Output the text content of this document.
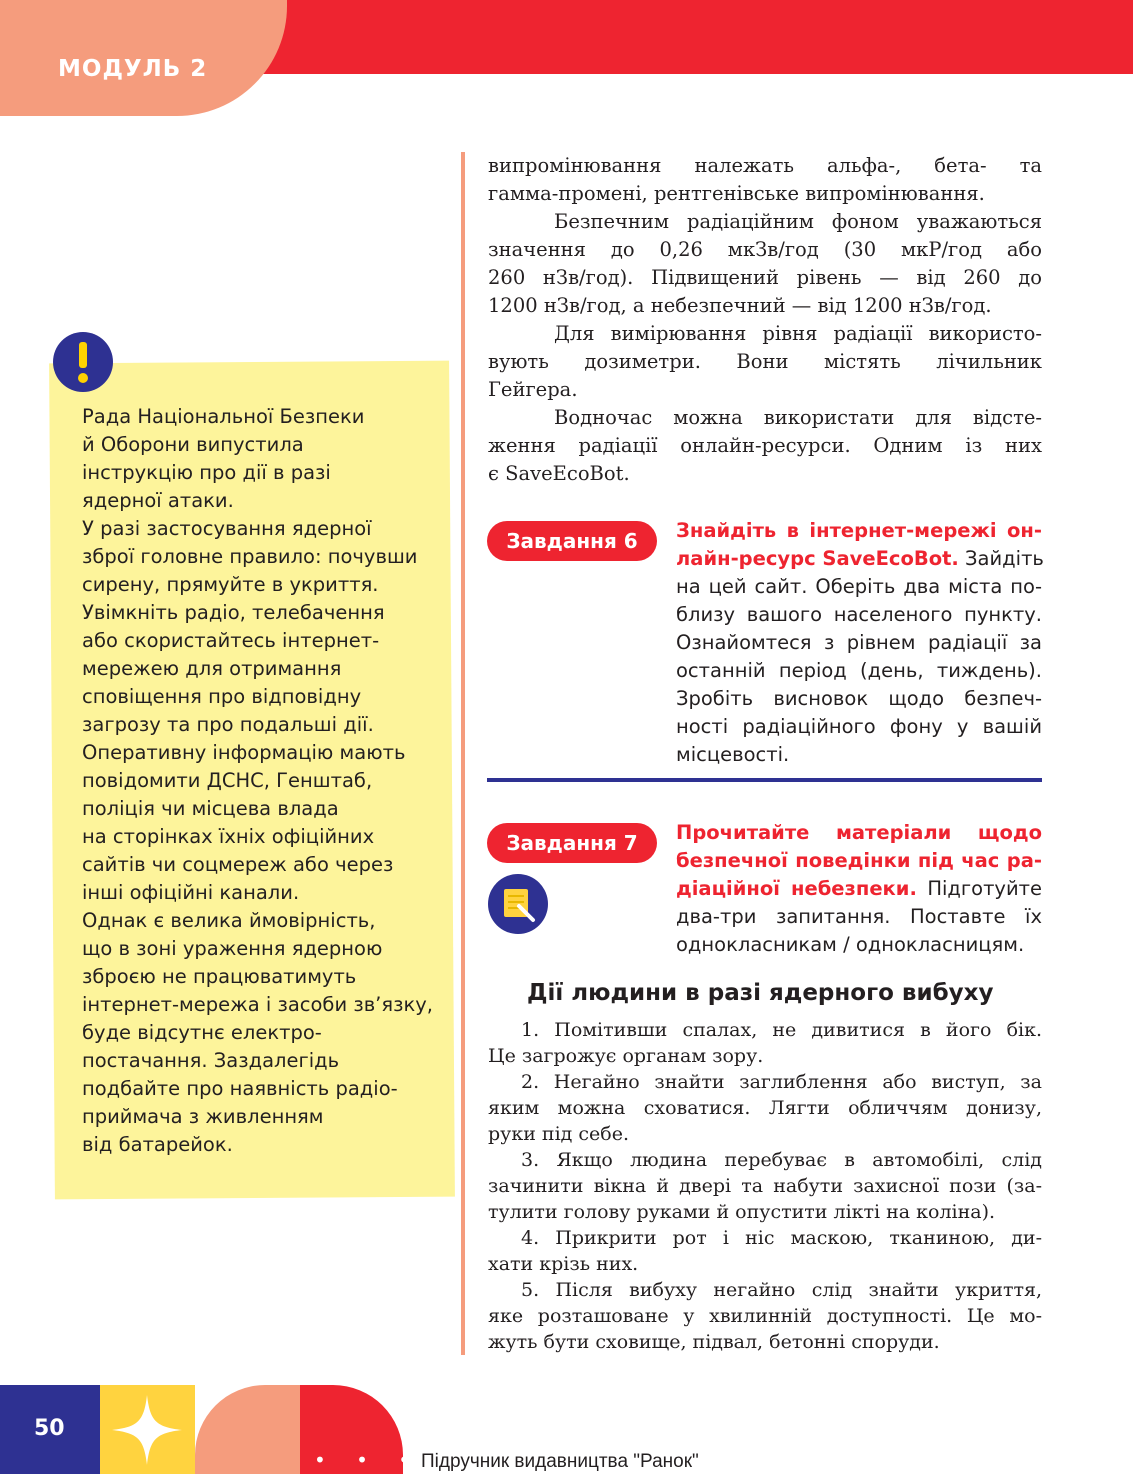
МОДУЛЬ 2
випромінювання належать альфа-, бета- та
гамма-промені, рентгенівське випромінювання.
Безпечним радіаційним фоном уважаються
значення до 0,26 мкЗв/год (30 мкР/год або
260 нЗв/год). Підвищений рівень — від 260 до
1200 нЗв/год, а небезпечний — від 1200 нЗв/год.
Для вимірювання рівня радіації використо-
вують дозиметри. Вони містять лічильник
Гейгера.
Водночас можна використати для відсте-
ження радіації онлайн-ресурси. Одним із них
є SaveEcoBot.
Рада Національної Безпеки
й Оборони випустила
інструкцію про дії в разі
ядерної атаки.
У разі застосування ядерної
зброї головне правило: почувши
сирену, прямуйте в укриття.
Увімкніть радіо, телебачення
або скористайтесь інтернет-
мережею для отримання
сповіщення про відповідну
загрозу та про подальші дії.
Оперативну інформацію мають
повідомити ДСНС, Генштаб,
поліція чи місцева влада
на сторінках їхніх офіційних
сайтів чи соцмереж або через
інші офіційні канали.
Однак є велика ймовірність,
що в зоні ураження ядерною
зброєю не працюватимуть
інтернет-мережа і засоби зв’язку,
буде відсутнє електро-
постачання. Заздалегідь
подбайте про наявність радіо-
приймача з живленням
від батарейок.
Завдання 6	Знайдіть в інтернет-мережі он-
лайн-ресурс SaveEcoBot. Зайдіть
на цей сайт. Оберіть два міста по-
близу вашого населеного пункту.
Ознайомтеся з рівнем радіації за
останній період (день, тиждень).
Зробіть висновок щодо безпеч-
ності радіаційного фону у вашій
місцевості.
Завдання 7	Прочитайте матеріали щодо
безпечної поведінки під час ра-
діаційної небезпеки. Підготуйте
два-три запитання. Поставте їх
однокласникам / однокласницям.
Дії людини в разі ядерного вибуху
1. Помітивши спалах, не дивитися в його бік.
Це загрожує органам зору.
2. Негайно знайти заглиблення або виступ, за
яким можна сховатися. Лягти обличчям донизу,
руки під себе.
3. Якщо людина перебуває в автомобілі, слід
зачинити вікна й двері та набути захисної пози (за-
тулити голову руками й опустити лікті на коліна).
4. Прикрити рот і ніс маскою, тканиною, ди-
хати крізь них.
5. Після вибуху негайно слід знайти укриття,
яке розташоване у хвилинній доступності. Це мо-
жуть бути сховище, підвал, бетонні споруди.
50
• • • •
Підручник видавництва "Ранок"
